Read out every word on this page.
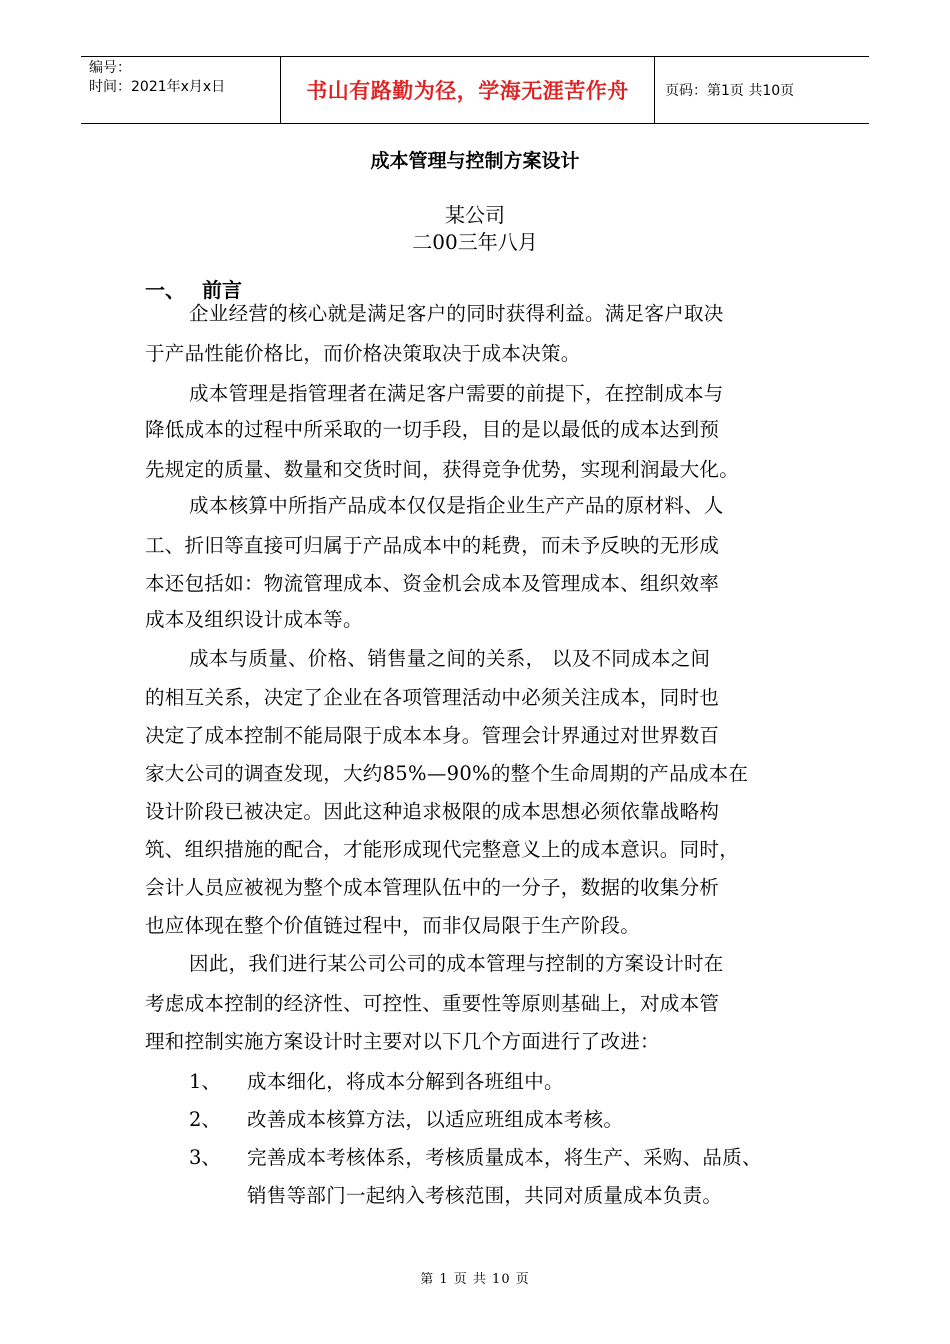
编号：
时间：2021年x月x日	书山有路勤为径，学海无涯苦作舟	页码：第1页 共10页
成本管理与控制方案设计
某公司
二00三年八月
一、 前言
企业经营的核心就是满足客户的同时获得利益。满足客户取决
于产品性能价格比，而价格决策取决于成本决策。
成本管理是指管理者在满足客户需要的前提下，在控制成本与
降低成本的过程中所采取的一切手段，目的是以最低的成本达到预
先规定的质量、数量和交货时间，获得竞争优势，实现利润最大化。
成本核算中所指产品成本仅仅是指企业生产产品的原材料、人
工、折旧等直接可归属于产品成本中的耗费，而未予反映的无形成
本还包括如：物流管理成本、资金机会成本及管理成本、组织效率
成本及组织设计成本等。
成本与质量、价格、销售量之间的关系， 以及不同成本之间
的相互关系，决定了企业在各项管理活动中必须关注成本，同时也
决定了成本控制不能局限于成本本身。管理会计界通过对世界数百
家大公司的调查发现，大约85%—90%的整个生命周期的产品成本在
设计阶段已被决定。因此这种追求极限的成本思想必须依靠战略构
筑、组织措施的配合，才能形成现代完整意义上的成本意识。同时，
会计人员应被视为整个成本管理队伍中的一分子，数据的收集分析
也应体现在整个价值链过程中，而非仅局限于生产阶段。
因此，我们进行某公司公司的成本管理与控制的方案设计时在
考虑成本控制的经济性、可控性、重要性等原则基础上，对成本管
理和控制实施方案设计时主要对以下几个方面进行了改进：
1、 成本细化，将成本分解到各班组中。
2、 改善成本核算方法，以适应班组成本考核。
3、 完善成本考核体系，考核质量成本，将生产、采购、品质、
销售等部门一起纳入考核范围，共同对质量成本负责。
第 1 页 共 10 页
